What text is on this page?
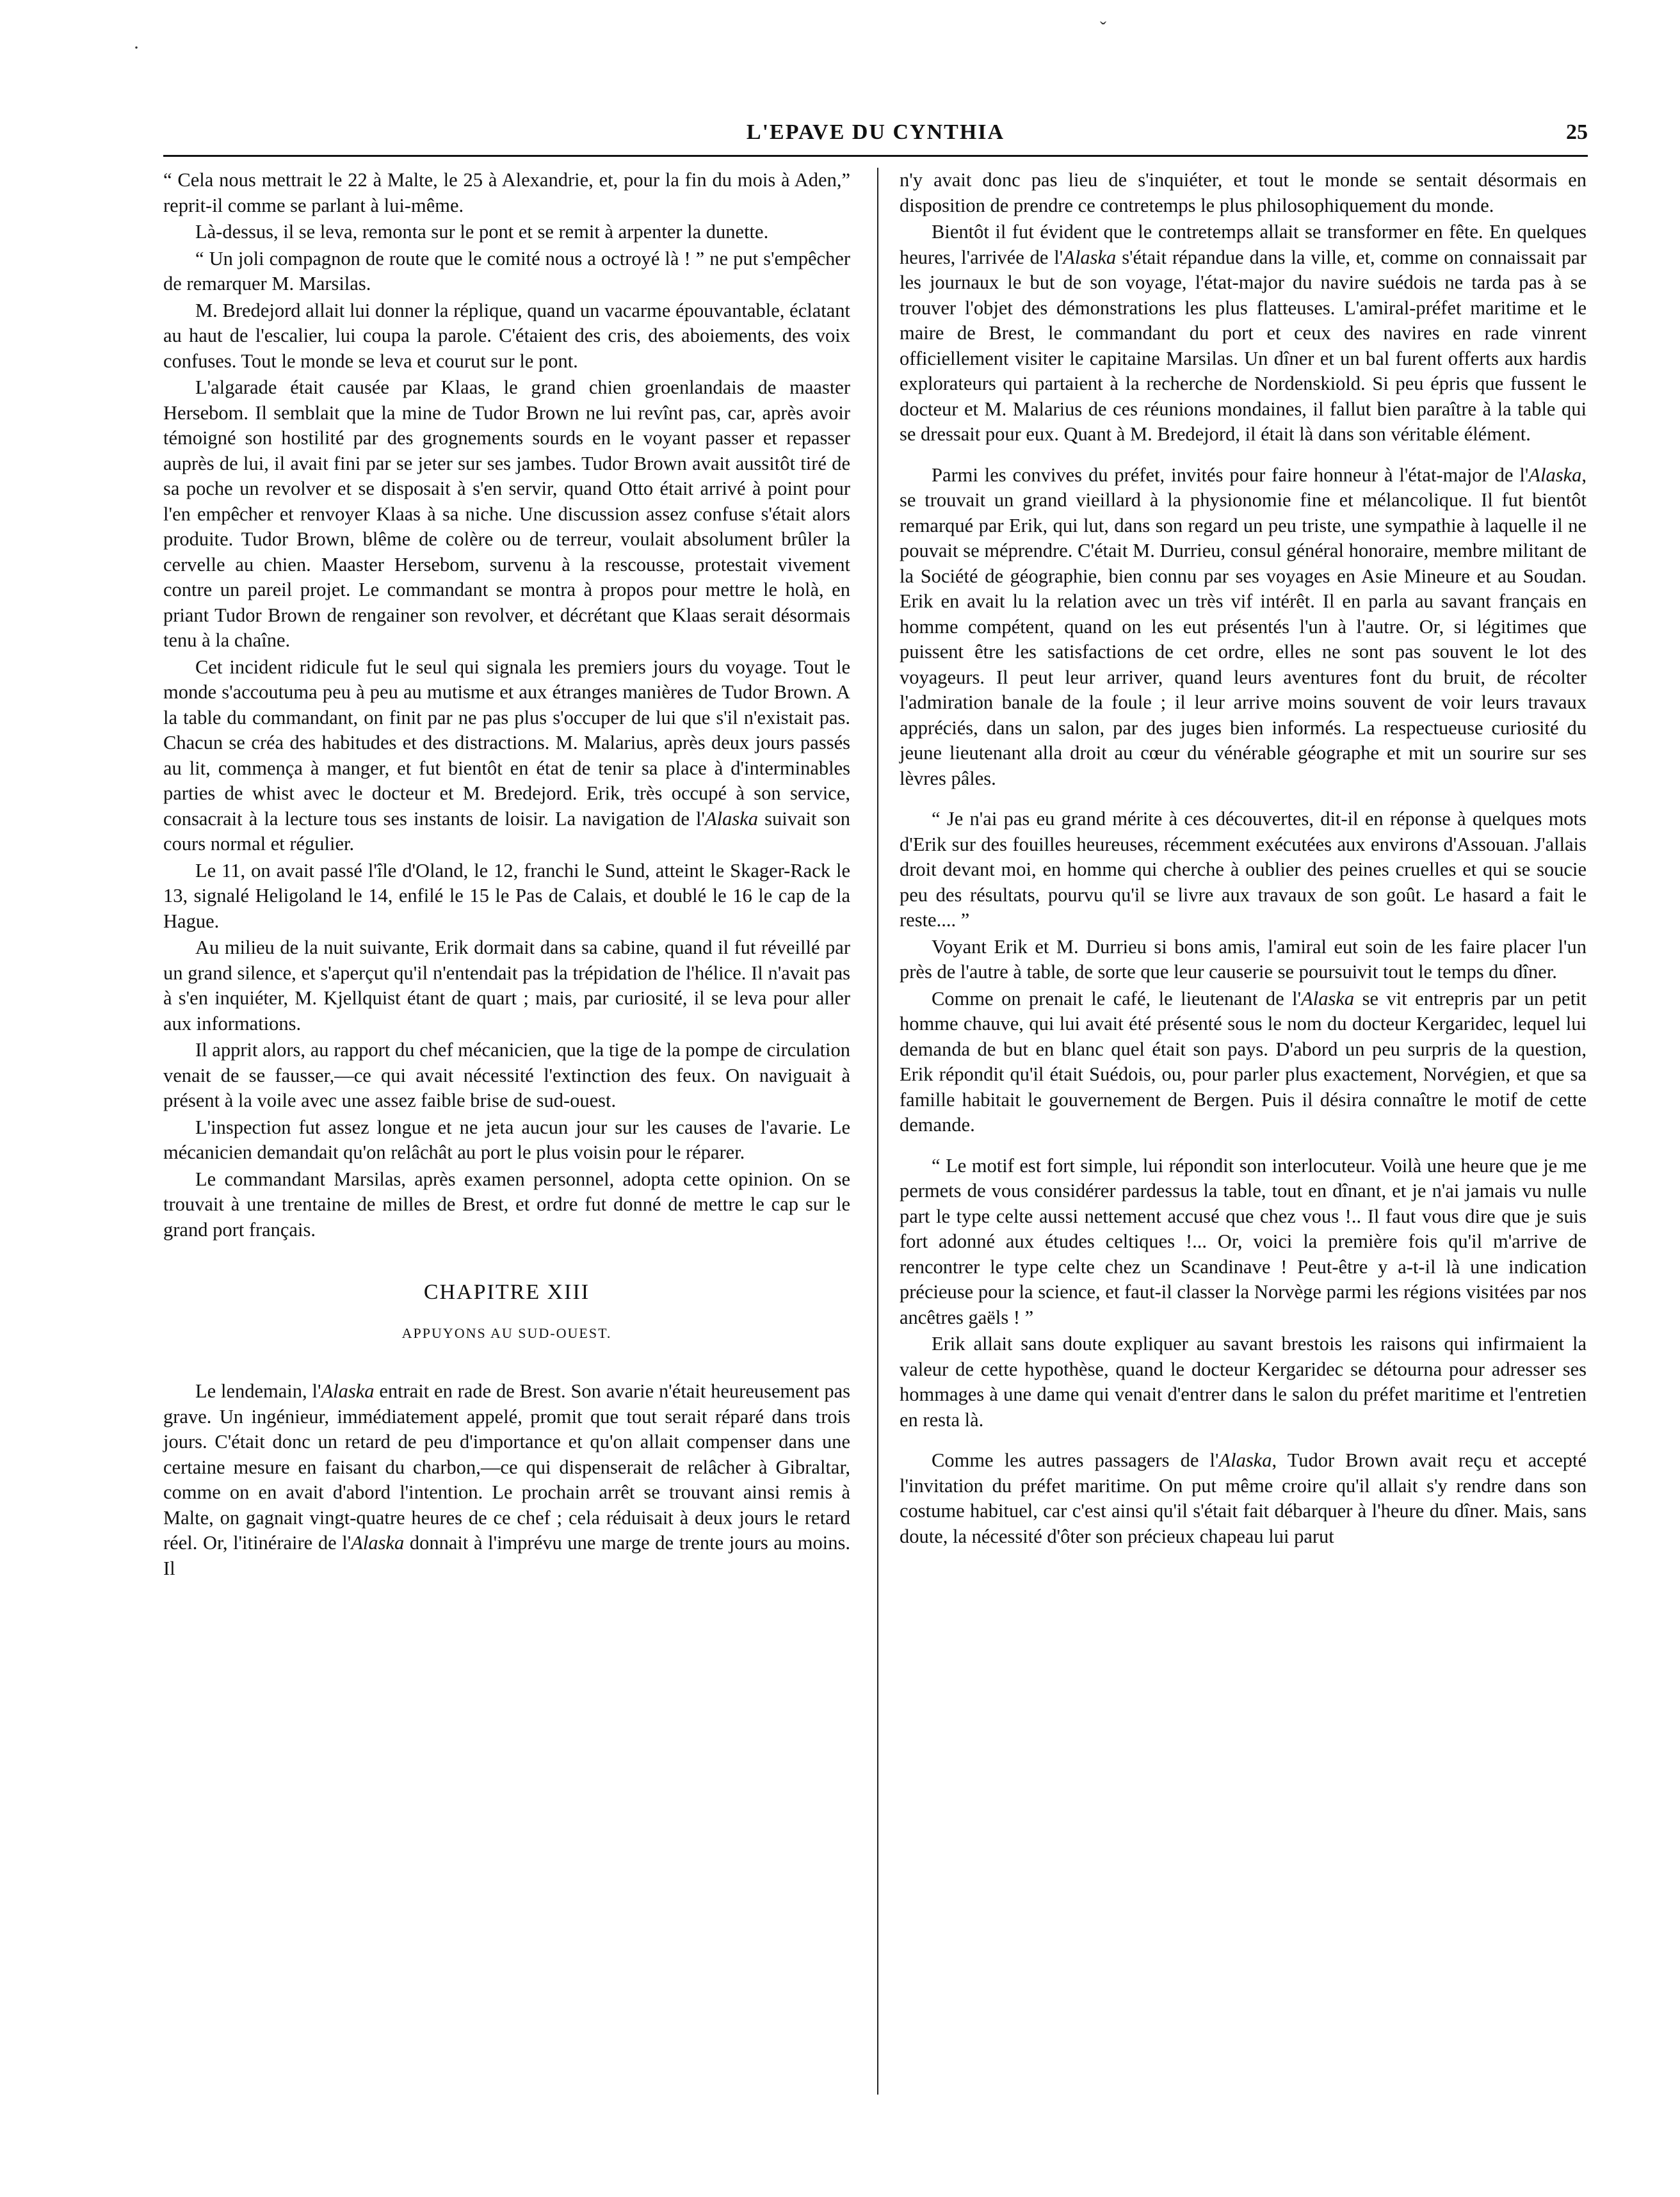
L'EPAVE DU CYNTHIA	25
ˇ
·

“ Cela nous mettrait le 22 à Malte, le 25 à Alexandrie, et, pour la fin du mois à Aden,” reprit-il comme se parlant à lui-même.

Là-dessus, il se leva, remonta sur le pont et se remit à arpenter la dunette.

“ Un joli compagnon de route que le comité nous a octroyé là ! ” ne put s'empêcher de remarquer M. Marsilas.

M. Bredejord allait lui donner la réplique, quand un vacarme épouvantable, éclatant au haut de l'escalier, lui coupa la parole. C'étaient des cris, des aboiements, des voix confuses. Tout le monde se leva et courut sur le pont.

L'algarade était causée par Klaas, le grand chien groenlandais de maaster Hersebom. Il semblait que la mine de Tudor Brown ne lui revînt pas, car, après avoir témoigné son hostilité par des grognements sourds en le voyant passer et repasser auprès de lui, il avait fini par se jeter sur ses jambes. Tudor Brown avait aussitôt tiré de sa poche un revolver et se disposait à s'en servir, quand Otto était arrivé à point pour l'en empêcher et renvoyer Klaas à sa niche. Une discussion assez confuse s'était alors produite. Tudor Brown, blême de colère ou de terreur, voulait absolument brûler la cervelle au chien. Maaster Hersebom, survenu à la rescousse, protestait vivement contre un pareil projet. Le commandant se montra à propos pour mettre le holà, en priant Tudor Brown de rengainer son revolver, et décrétant que Klaas serait désormais tenu à la chaîne.

Cet incident ridicule fut le seul qui signala les premiers jours du voyage. Tout le monde s'accoutuma peu à peu au mutisme et aux étranges manières de Tudor Brown. A la table du commandant, on finit par ne pas plus s'occuper de lui que s'il n'existait pas. Chacun se créa des habitudes et des distractions. M. Malarius, après deux jours passés au lit, commença à manger, et fut bientôt en état de tenir sa place à d'interminables parties de whist avec le docteur et M. Bredejord. Erik, très occupé à son service, consacrait à la lecture tous ses instants de loisir. La navigation de l'Alaska suivait son cours normal et régulier.

Le 11, on avait passé l'île d'Oland, le 12, franchi le Sund, atteint le Skager-Rack le 13, signalé Heligoland le 14, enfilé le 15 le Pas de Calais, et doublé le 16 le cap de la Hague.

Au milieu de la nuit suivante, Erik dormait dans sa cabine, quand il fut réveillé par un grand silence, et s'aperçut qu'il n'entendait pas la trépidation de l'hélice. Il n'avait pas à s'en inquiéter, M. Kjellquist étant de quart ; mais, par curiosité, il se leva pour aller aux informations.

Il apprit alors, au rapport du chef mécanicien, que la tige de la pompe de circulation venait de se fausser,—ce qui avait nécessité l'extinction des feux. On naviguait à présent à la voile avec une assez faible brise de sud-ouest.

L'inspection fut assez longue et ne jeta aucun jour sur les causes de l'avarie. Le mécanicien demandait qu'on relâchât au port le plus voisin pour le réparer.

Le commandant Marsilas, après examen personnel, adopta cette opinion. On se trouvait à une trentaine de milles de Brest, et ordre fut donné de mettre le cap sur le grand port français.

CHAPITRE XIII
APPUYONS AU SUD-OUEST.

Le lendemain, l'Alaska entrait en rade de Brest. Son avarie n'était heureusement pas grave. Un ingénieur, immédiatement appelé, promit que tout serait réparé dans trois jours. C'était donc un retard de peu d'importance et qu'on allait compenser dans une certaine mesure en faisant du charbon,—ce qui dispenserait de relâcher à Gibraltar, comme on en avait d'abord l'intention. Le prochain arrêt se trouvant ainsi remis à Malte, on gagnait vingt-quatre heures de ce chef ; cela réduisait à deux jours le retard réel. Or, l'itinéraire de l'Alaska donnait à l'imprévu une marge de trente jours au moins. Il

n'y avait donc pas lieu de s'inquiéter, et tout le monde se sentait désormais en disposition de prendre ce contretemps le plus philosophiquement du monde.

Bientôt il fut évident que le contretemps allait se transformer en fête. En quelques heures, l'arrivée de l'Alaska s'était répandue dans la ville, et, comme on connaissait par les journaux le but de son voyage, l'état-major du navire suédois ne tarda pas à se trouver l'objet des démonstrations les plus flatteuses. L'amiral-préfet maritime et le maire de Brest, le commandant du port et ceux des navires en rade vinrent officiellement visiter le capitaine Marsilas. Un dîner et un bal furent offerts aux hardis explorateurs qui partaient à la recherche de Nordenskiold. Si peu épris que fussent le docteur et M. Malarius de ces réunions mondaines, il fallut bien paraître à la table qui se dressait pour eux. Quant à M. Bredejord, il était là dans son véritable élément.

Parmi les convives du préfet, invités pour faire honneur à l'état-major de l'Alaska, se trouvait un grand vieillard à la physionomie fine et mélancolique. Il fut bientôt remarqué par Erik, qui lut, dans son regard un peu triste, une sympathie à laquelle il ne pouvait se méprendre. C'était M. Durrieu, consul général honoraire, membre militant de la Société de géographie, bien connu par ses voyages en Asie Mineure et au Soudan. Erik en avait lu la relation avec un très vif intérêt. Il en parla au savant français en homme compétent, quand on les eut présentés l'un à l'autre. Or, si légitimes que puissent être les satisfactions de cet ordre, elles ne sont pas souvent le lot des voyageurs. Il peut leur arriver, quand leurs aventures font du bruit, de récolter l'admiration banale de la foule ; il leur arrive moins souvent de voir leurs travaux appréciés, dans un salon, par des juges bien informés. La respectueuse curiosité du jeune lieutenant alla droit au cœur du vénérable géographe et mit un sourire sur ses lèvres pâles.

“ Je n'ai pas eu grand mérite à ces découvertes, dit-il en réponse à quelques mots d'Erik sur des fouilles heureuses, récemment exécutées aux environs d'Assouan. J'allais droit devant moi, en homme qui cherche à oublier des peines cruelles et qui se soucie peu des résultats, pourvu qu'il se livre aux travaux de son goût. Le hasard a fait le reste.... ”

Voyant Erik et M. Durrieu si bons amis, l'amiral eut soin de les faire placer l'un près de l'autre à table, de sorte que leur causerie se poursuivit tout le temps du dîner.

Comme on prenait le café, le lieutenant de l'Alaska se vit entrepris par un petit homme chauve, qui lui avait été présenté sous le nom du docteur Kergaridec, lequel lui demanda de but en blanc quel était son pays. D'abord un peu surpris de la question, Erik répondit qu'il était Suédois, ou, pour parler plus exactement, Norvégien, et que sa famille habitait le gouvernement de Bergen. Puis il désira connaître le motif de cette demande.

“ Le motif est fort simple, lui répondit son interlocuteur. Voilà une heure que je me permets de vous considérer pardessus la table, tout en dînant, et je n'ai jamais vu nulle part le type celte aussi nettement accusé que chez vous !.. Il faut vous dire que je suis fort adonné aux études celtiques !... Or, voici la première fois qu'il m'arrive de rencontrer le type celte chez un Scandinave ! Peut-être y a-t-il là une indication précieuse pour la science, et faut-il classer la Norvège parmi les régions visitées par nos ancêtres gaëls ! ”

Erik allait sans doute expliquer au savant brestois les raisons qui infirmaient la valeur de cette hypothèse, quand le docteur Kergaridec se détourna pour adresser ses hommages à une dame qui venait d'entrer dans le salon du préfet maritime et l'entretien en resta là.

Comme les autres passagers de l'Alaska, Tudor Brown avait reçu et accepté l'invitation du préfet maritime. On put même croire qu'il allait s'y rendre dans son costume habituel, car c'est ainsi qu'il s'était fait débarquer à l'heure du dîner. Mais, sans doute, la nécessité d'ôter son précieux chapeau lui parut
